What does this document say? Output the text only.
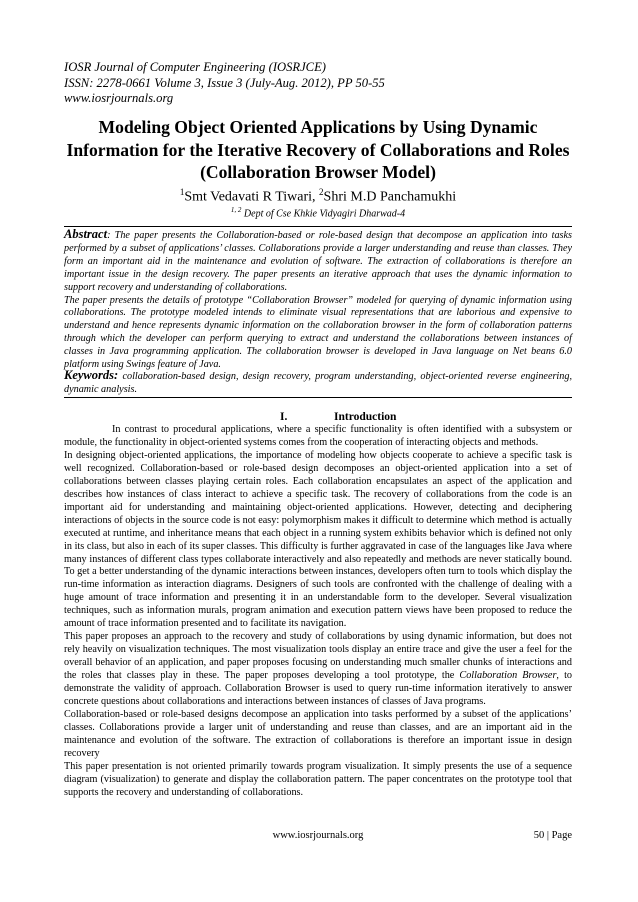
IOSR Journal of Computer Engineering (IOSRJCE)
ISSN: 2278-0661 Volume 3, Issue 3 (July-Aug. 2012), PP 50-55
www.iosrjournals.org
Modeling Object Oriented Applications by Using Dynamic Information for the Iterative Recovery of Collaborations and Roles (Collaboration Browser Model)
$^1$Smt Vedavati R Tiwari, $^2$Shri M.D Panchamukhi
$^{1, 2}$ Dept of Cse Khkie Vidyagiri Dharwad-4

Abstract: The paper presents the Collaboration-based or role-based design that decompose an application into tasks performed by a subset of applications’ classes. Collaborations provide a larger understanding and reuse than classes. They form an important aid in the maintenance and evolution of software. The extraction of collaborations is therefore an important issue in the design recovery. The paper presents an iterative approach that uses the dynamic information to support recovery and understanding of collaborations.

The paper presents the details of prototype “Collaboration Browser” modeled for querying of dynamic information using collaborations. The prototype modeled intends to eliminate visual representations that are laborious and expensive to understand and hence represents dynamic information on the collaboration browser in the form of collaboration patterns through which the developer can perform querying to extract and understand the collaborations between instances of classes in Java programming application. The collaboration browser is developed in Java language on Net beans 6.0 platform using Swings feature of Java.

Keywords: collaboration-based design, design recovery, program understanding, object-oriented reverse engineering, dynamic analysis.
I.	Introduction

In contrast to procedural applications, where a specific functionality is often identified with a subsystem or module, the functionality in object-oriented systems comes from the cooperation of interacting objects and methods.

In designing object-oriented applications, the importance of modeling how objects cooperate to achieve a specific task is well recognized. Collaboration-based or role-based design decomposes an object-oriented application into a set of collaborations between classes playing certain roles. Each collaboration encapsulates an aspect of the application and describes how instances of class interact to achieve a specific task. The recovery of collaborations from the code is an important aid for understanding and maintaining object-oriented applications. However, detecting and deciphering interactions of objects in the source code is not easy: polymorphism makes it difficult to determine which method is actually executed at runtime, and inheritance means that each object in a running system exhibits behavior which is defined not only in its class, but also in each of its super classes. This difficulty is further aggravated in case of the languages like Java where many instances of different class types collaborate interactively and also repeatedly and methods are never statically bound. To get a better understanding of the dynamic interactions between instances, developers often turn to tools which display the run-time information as interaction diagrams. Designers of such tools are confronted with the challenge of dealing with a huge amount of trace information and presenting it in an understandable form to the developer. Several visualization techniques, such as information murals, program animation and execution pattern views have been proposed to reduce the amount of trace information presented and to facilitate its navigation.

This paper proposes an approach to the recovery and study of collaborations by using dynamic information, but does not rely heavily on visualization techniques. The most visualization tools display an entire trace and give the user a feel for the overall behavior of an application, and paper proposes focusing on understanding much smaller chunks of interactions and the roles that classes play in these. The paper proposes developing a tool prototype, the Collaboration Browser, to demonstrate the validity of approach. Collaboration Browser is used to query run-time information iteratively to answer concrete questions about collaborations and interactions between instances of classes of Java programs.

Collaboration-based or role-based designs decompose an application into tasks performed by a subset of the applications’ classes. Collaborations provide a larger unit of understanding and reuse than classes, and are an important aid in the maintenance and evolution of the software. The extraction of collaborations is therefore an important issue in design recovery

This paper presentation is not oriented primarily towards program visualization. It simply presents the use of a sequence diagram (visualization) to generate and display the collaboration pattern. The paper concentrates on the prototype tool that supports the recovery and understanding of collaborations.

www.iosrjournals.org	50 | Page
